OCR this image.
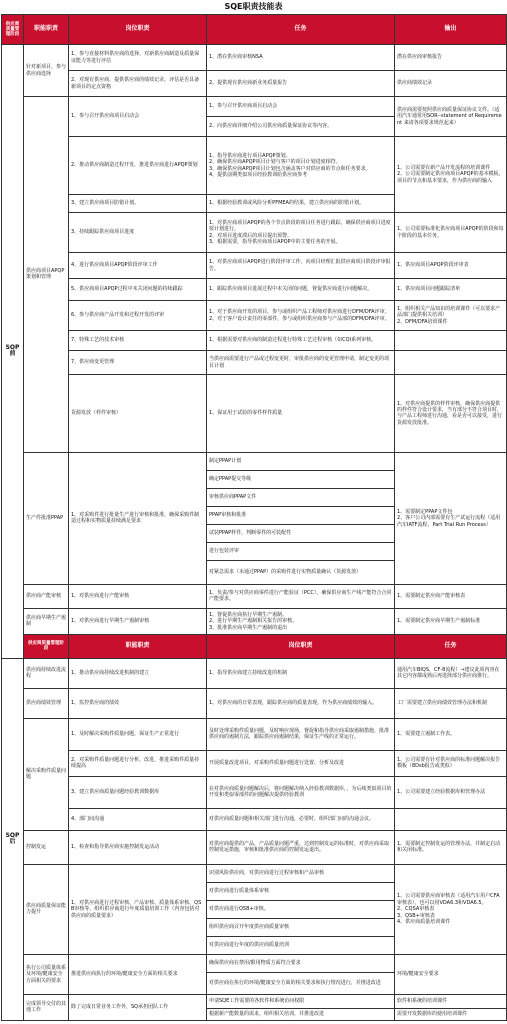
SQE职责技能表
供应商质量管理阶段	职能职责	岗位职责	任务	输出	
SOP前	针对新项目，参与供应商选择	1、参与直接材料供应商的选择，对新供应商制造及质量保证能力等进行评估	1、潜在供应商审核NSA	潜在供应商审核报告	
		2、对现有供应商，提供供应商的绩效记录，评估是否具备新项目的定点资格	2、提供现有供应商新业务质量报告	供应商绩效记录	
	供应商项目APQP策划和管理	1、参与召开供应商项目启动会	1、参与召开供应商项目启动会	供应商需要按照供应商质量保证协议文件。（适用汽车通常用SOR--statement of Requirement 来请各项要求规范起来）	
			2、向供应商详细介绍公司供应商质量保证协议等内容。		
		2、推动供应商制造过程开发，推进供应商进行APQP策划	1、指导供应商进行项目APQP策划。
2、确保供应商APQP项目计划与客户的项目计划进度相符。
3、确保供应商APQP项目计划包含涵盖客户对供应商的节点和任务要求。
4、提供前期类似项目经验教训给供应商参考	1、公司需要有新产品开发流程的培训课件
2、公司需要制定供应商项目APQP的基本模板，项目的节点和基本要求，作为供应商的输入	
		3、建立供应商项目防错计划。	1、根据经验教训或风险分析PFMEA的结果，建立供应商的防错计划。		
		3、持续跟踪供应商项目进度	1、对供应商项目APQP的各个节点阶段的项目任务进行跟踪，确保供应商项目进度按计划进行。
2、对项目进度滞后的项目提出预警。
3、根据需要，指导供应商项目APQP中的主要任务的开展。	1、公司需要标准化供应商项目APQP的阶段和每个阶段的基本任务。	
		4、进行供应商项目APQP阶段评审工作	1、对供应商项目APQP进行阶段评审工作，向项目经理汇报供应商项目阶段评审报告。	1、供应商项目APQP阶段评审表	
		5、供应商项目APQP过程中未关闭问题的持续跟踪	1、跟踪供应商项目进展过程中未关闭的问题，督促供应商进行问题解决。	1、供应商项目问题跟踪清单	
		6、参与供应商产品开发和过程开发的评审	1、对于供应商开发的项目，参与或组织产品工程师对供应商进行DFM/DFA评审。
2、对于客户设计责任的零部件，参与或组织供应商参与产品部的DFM/DFA评审。	1、组织相关产品知识的培训课件（可以要求产品部门提供相关培训）
2、DFM/DFA培训课件	
		7、特殊工艺的技术审核	1、根据需要对供应商的制造过程进行特殊工艺过程审核（如CQI系列审核。		
		7、供应商变更管理	当供应商需要进行产品或过程变更时，审批供应商的变更管理申请，制定变更的项目计划		
		货源发放（样件审核）	1、保证用于试验的零件样件质量	1、对供应商提供的样件审核，确保供应商提供的样件符合设计要求，当有部分不符合项目时，与产品工程师进行沟通，看是否可以接受，进行货源发放批准。	
	生产件批准PPAP	1、对采购件进行批量生产进行审核和批准，确保采购件制造过程和实物质量持续满足要求	制定PPAP计划	1、需要制定PPAP文件包
2、客户公司内部需要有生产试运行流程（适用汽车IATF流程，Part Trial Run Process）	
			确定PPAP提交等级		
			审核供应商PPAP文件		
			PPAP审核和批准		
			试装PPAP样件，判断零件的可装配性		
			进行包装评审		
			对紧急需求（未通过PPAP）的采购件进行实物质量确认（货源发放）		
	供应商产能审核	1、对供应商进行产能审核	1、负责/参与对供应商零件进行产能验证（PCC），确保供应商生产线产能符合合同产能要求。	1、需要制定供应商产能审核表	
	供应商早期生产遏制	1、对供应商进行早期生产遏制审核	1、督促供应商执行早期生产遏制。
2、进行早期生产遏制相关报告的审核。
3、批准供应商早期生产遏制的退出	1、需要制定供应商早期生产遏制标准	
	供应商质量管理阶段	职能职责	岗位职责	任务	
SOP后	供应商持续改进流程	1、推动供应商持续改进机制的建立	1、指导供应商建立持续改进的机制	通用汽车BIQS，CF-8流程）→建议此项内容在其它内容都成熟后再选择部分供应商推行。	
	供应商绩效管理	1、监控供应商的绩效	1、对供应商的日常表现，跟踪供应商的质量表现，作为供应商绩效的输入。	工厂需要建立供应商绩效管理办法和机制	
	解决采购件质量问题	1、及时解决采购件质量问题，保证生产正常进行	及时处理采购件质量问题，及时响应现场，督促和指导供应商采取遏制措施，批准供应商的遏制方法，跟踪供应商遏制结果，保证生产线的正常运行。	1、需要建立遏制工作表。	
		2、对采购件质量问题进行分析，改进，推进采购件质量持续提高	开展质量改进项目，对采购件质量问题进行处置、分析及改进	1、公司需要有针对供应商的标准问题解决报告模板（8Dsb报告或类似）	
		3、建立供应商质量问题经验教训数据库	在对供应商质量问题解决后，将问题解决纳入经验教训数据库，，为后续类似项目的开发和类似零部件的问题解决提供经验教训	1、公司需要建立经验数据库和管理办法	
		4、部门间沟通	对供应商质量问题和相关部门进行沟通，必要时，组织部门间的沟通会议。		
	控制发运	1、检查和指导供应商实施控制发运活动	对供应商提供的产品，产品质量问题严重，达到控制发运的标准时，对供应商采取控制发运措施，审核和批准供应商的控制发运退出。	1、需要制定控制发运的管理办法，并制定启动和关闭标准。	
	供应商质量保证能力提升	1、对供应商进行过程审核、产品审核、质量体系审核、QSB审核等，组织供应商进行年度质量培训工作（内容包括对供应商的质量要求）	识别风险供应商，对供应商进行过程审核和产品审核	1、公司需要供应商审核表（适用汽车用户CFA审核表），也可以用VDA6.3和VDA6.5。
2、CQSA审核表
3、QSB+审核表
4、供应商质量培训课件	
			对供应商进行质量体系审核		
			对供应商进行QSB+审核。		
			组织供应商召开年度供应商质量审核		
			对供应商进行年度的供应商质量培训		
	执行公司质量体系及环境/健康安全方面相关的要求	推进供应商执行的环境/健康安全方面的相关要求	确保供应商在禁用/限用物质方面符合要求	环境/健康安全要求	
			对供应商在执行的环境/健康安全方面的相关要求和执行情况进行，并推进改进		
	完成领导交付的其他工作	除了完成日常业务工作外，SQ承担团队工作	申请SQE工作需要的各软件和系统访问权限	软件和系统的培训课件	
			根据新产能数量的需求，组织相关培训，并推进改进	需要开发数据库的使用培训课件	
